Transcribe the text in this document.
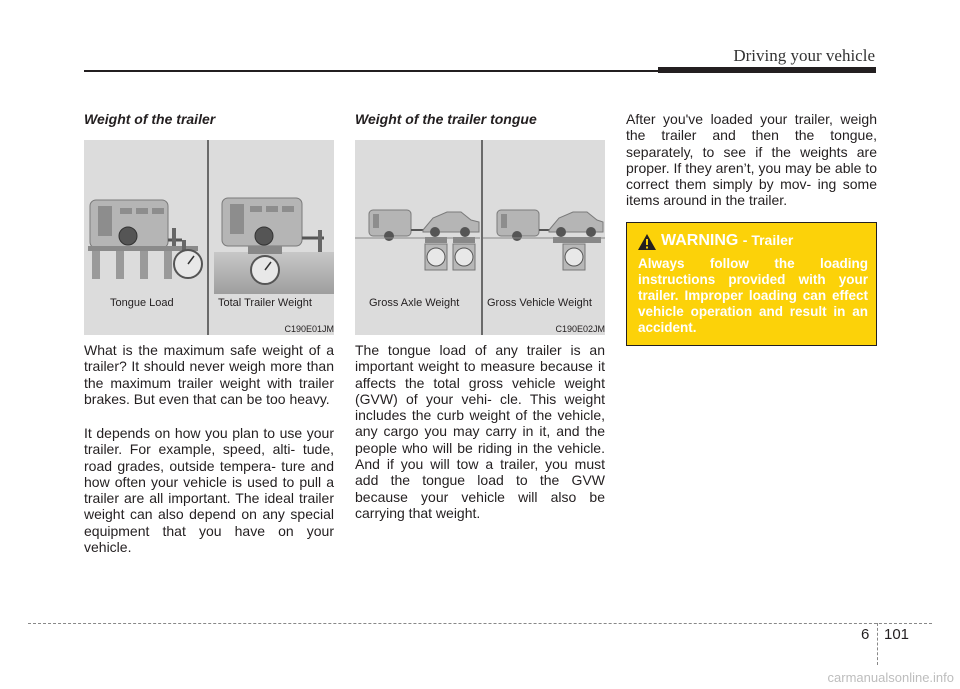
Driving your vehicle
Weight of the trailer
Tongue Load	Total Trailer Weight
C190E01JM
What is the maximum safe weight of a trailer? It should never weigh more than the maximum trailer weight with trailer brakes. But even that can be too heavy.
It depends on how you plan to use your trailer. For example, speed, alti- tude, road grades, outside tempera- ture and how often your vehicle is used to pull a trailer are all important. The ideal trailer weight can also depend on any special equipment that you have on your vehicle.
Weight of the trailer tongue
Gross Axle Weight	Gross Vehicle Weight
C190E02JM
The tongue load of any trailer is an important weight to measure because it affects the total gross vehicle weight (GVW) of your vehi- cle. This weight includes the curb weight of the vehicle, any cargo you may carry in it, and the people who will be riding in the vehicle. And if you will tow a trailer, you must add the tongue load to the GVW because your vehicle will also be carrying that weight.
After you've loaded your trailer, weigh the trailer and then the tongue, separately, to see if the weights are proper. If they aren’t, you may be able to correct them simply by mov- ing some items around in the trailer.
WARNING - Trailer
Always follow the loading instructions provided with your trailer. Improper loading can effect vehicle operation and result in an accident.
6 101
carmanualsonline.info
